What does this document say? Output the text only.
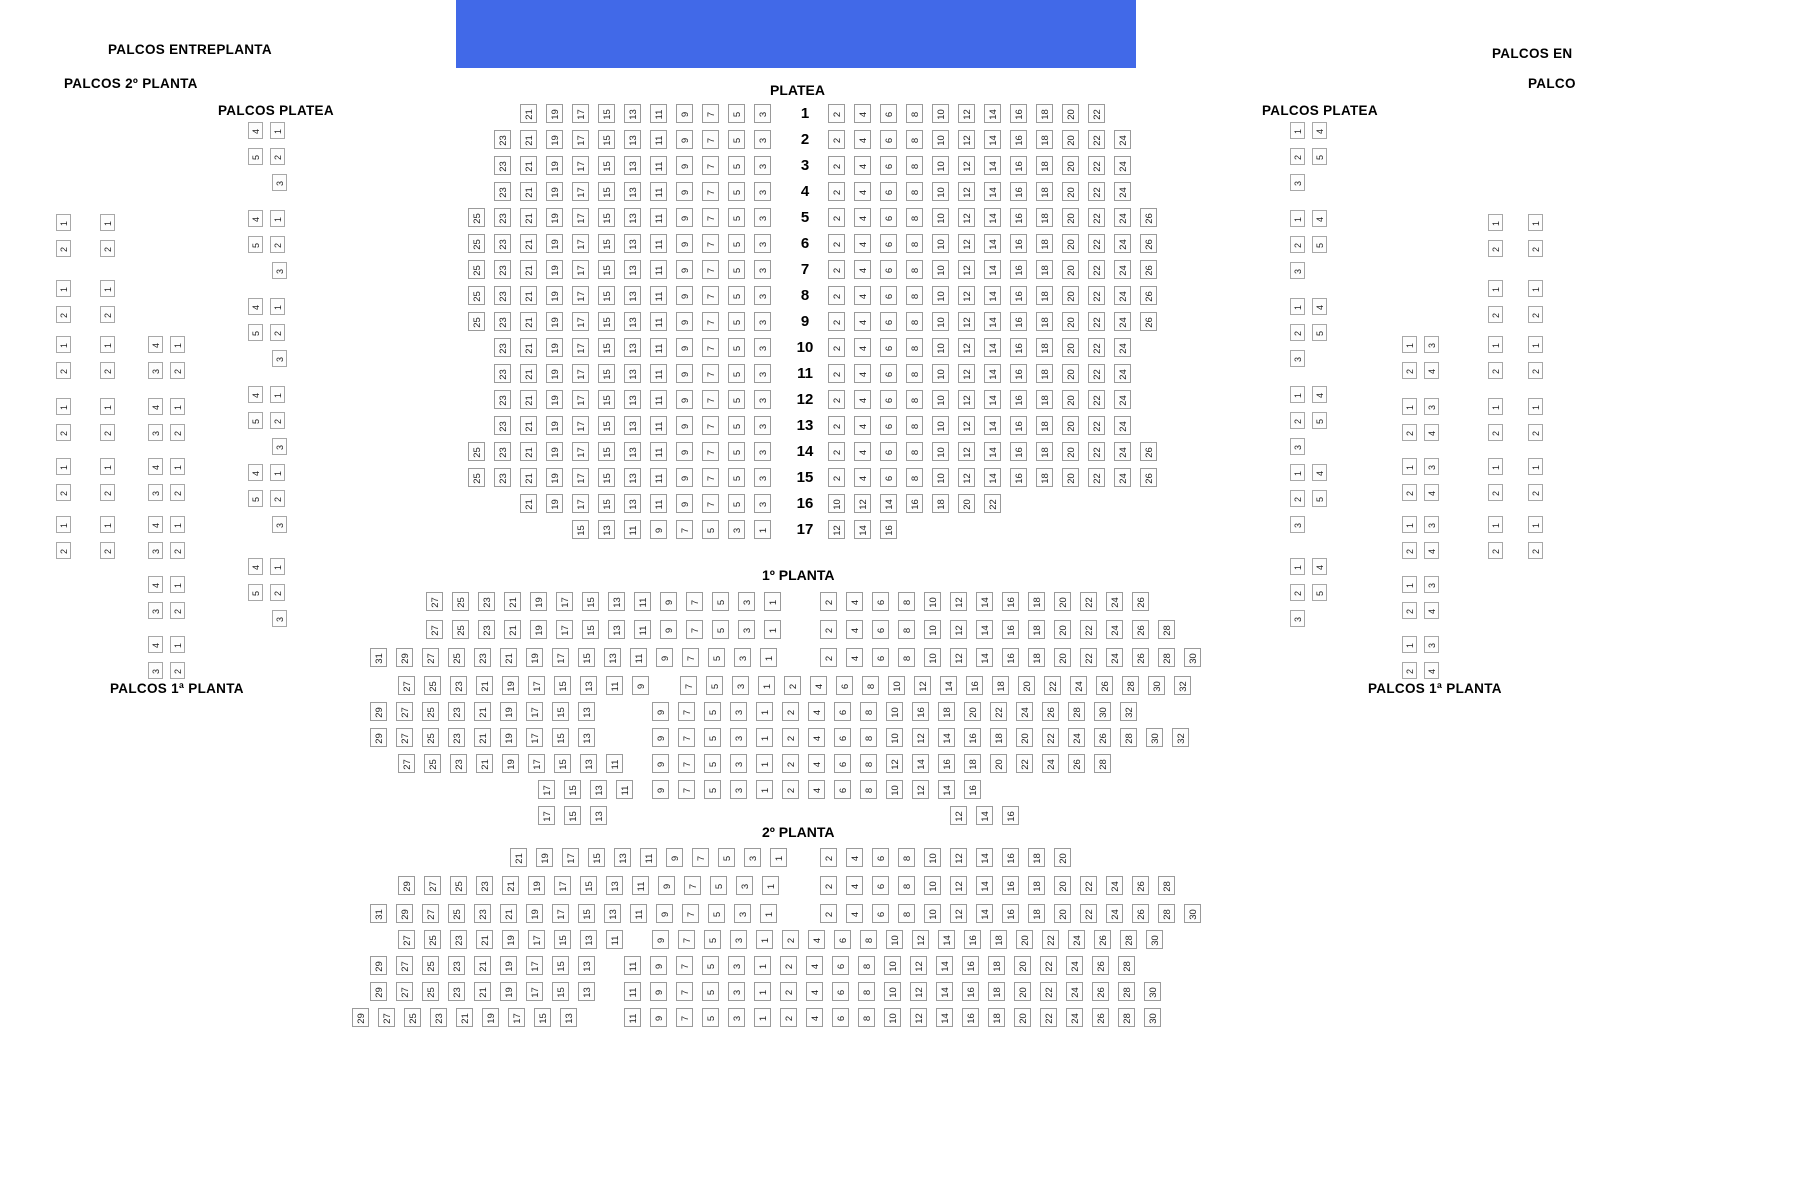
PALCOS ENTREPLANTA
PALCOS 2º PLANTA
PALCOS PLATEA
PALCOS 1ª PLANTA
PALCOS EN
PALCO
PALCOS PLATEA
PALCOS 1ª PLANTA
PLATEA
1º PLANTA
2º PLANTA
1
21	19	17	15	13	11	9	7	5	3	2	4	6	8	10	12	14	16	18	20	22
2
23	21	19	17	15	13	11	9	7	5	3	2	4	6	8	10	12	14	16	18	20	22	24
3
23	21	19	17	15	13	11	9	7	5	3	2	4	6	8	10	12	14	16	18	20	22	24
4
23	21	19	17	15	13	11	9	7	5	3	2	4	6	8	10	12	14	16	18	20	22	24
5
25	23	21	19	17	15	13	11	9	7	5	3	2	4	6	8	10	12	14	16	18	20	22	24	26
6
25	23	21	19	17	15	13	11	9	7	5	3	2	4	6	8	10	12	14	16	18	20	22	24	26
7
25	23	21	19	17	15	13	11	9	7	5	3	2	4	6	8	10	12	14	16	18	20	22	24	26
8
25	23	21	19	17	15	13	11	9	7	5	3	2	4	6	8	10	12	14	16	18	20	22	24	26
9
25	23	21	19	17	15	13	11	9	7	5	3	2	4	6	8	10	12	14	16	18	20	22	24	26
10
23	21	19	17	15	13	11	9	7	5	3	2	4	6	8	10	12	14	16	18	20	22	24
11
23	21	19	17	15	13	11	9	7	5	3	2	4	6	8	10	12	14	16	18	20	22	24
12
23	21	19	17	15	13	11	9	7	5	3	2	4	6	8	10	12	14	16	18	20	22	24
13
23	21	19	17	15	13	11	9	7	5	3	2	4	6	8	10	12	14	16	18	20	22	24
14
25	23	21	19	17	15	13	11	9	7	5	3	2	4	6	8	10	12	14	16	18	20	22	24	26
15
25	23	21	19	17	15	13	11	9	7	5	3	2	4	6	8	10	12	14	16	18	20	22	24	26
16
21	19	17	15	13	11	9	7	5	3	10	12	14	16	18	20	22
17
15	13	11	9	7	5	3	1	12	14	16
27	25	23	21	19	17	15	13	11	9	7	5	3	1	2	4	6	8	10	12	14	16	18	20	22	24	26
27	25	23	21	19	17	15	13	11	9	7	5	3	1	2	4	6	8	10	12	14	16	18	20	22	24	26	28
31	29	27	25	23	21	19	17	15	13	11	9	7	5	3	1	2	4	6	8	10	12	14	16	18	20	22	24	26	28	30
27	25	23	21	19	17	15	13	11	9	7	5	3	1	2	4	6	8	10	12	14	16	18	20	22	24	26	28	30	32
29	27	25	23	21	19	17	15	13	9	7	5	3	1	2	4	6	8	10	16	18	20	22	24	26	28	30	32
29	27	25	23	21	19	17	15	13	9	7	5	3	1	2	4	6	8	10	12	14	16	18	20	22	24	26	28	30	32
27	25	23	21	19	17	15	13	11	9	7	5	3	1	2	4	6	8	12	14	16	18	20	22	24	26	28
17	15	13	11	9	7	5	3	1	2	4	6	8	10	12	14	16
17	15	13	12	14	16
21	19	17	15	13	11	9	7	5	3	1	2	4	6	8	10	12	14	16	18	20
29	27	25	23	21	19	17	15	13	11	9	7	5	3	1	2	4	6	8	10	12	14	16	18	20	22	24	26	28
31	29	27	25	23	21	19	17	15	13	11	9	7	5	3	1	2	4	6	8	10	12	14	16	18	20	22	24	26	28	30
27	25	23	21	19	17	15	13	11	9	7	5	3	1	2	4	6	8	10	12	14	16	18	20	22	24	26	28	30
29	27	25	23	21	19	17	15	13	11	9	7	5	3	1	2	4	6	8	10	12	14	16	18	20	22	24	26	28
29	27	25	23	21	19	17	15	13	11	9	7	5	3	1	2	4	6	8	10	12	14	16	18	20	22	24	26	28	30
29	27	25	23	21	19	17	15	13	11	9	7	5	3	1	2	4	6	8	10	12	14	16	18	20	22	24	26	28	30
4	1
5	2
3
1	1
2	2
4	1
5	2
3
1	1
2	2
4	1
5	2
3
1	1	4	1
2	2	3	2
1	1	4	1
2	2	3	2
4	1
5	2
3
1	1	4	1
2	2	3	2
4	1
5	2
3
1	1	4	1
2	2	3	2
4	1
5	2
3
4	1
3	2
4	1
3	2
1	4
2	5
3
1	4
2	5
3
1	1
2	2
1	4
2	5
3
1	1
2	2
1	3
2	4
1	1
2	2
1	4
2	5
3
1	3
2	4
1	1
2	2
1	4
2	5
3
1	3
2	4
1	1
2	2
1	3
2	4
1	1
2	2
1	4
2	5
3
1	3
2	4
1	3
2	4
